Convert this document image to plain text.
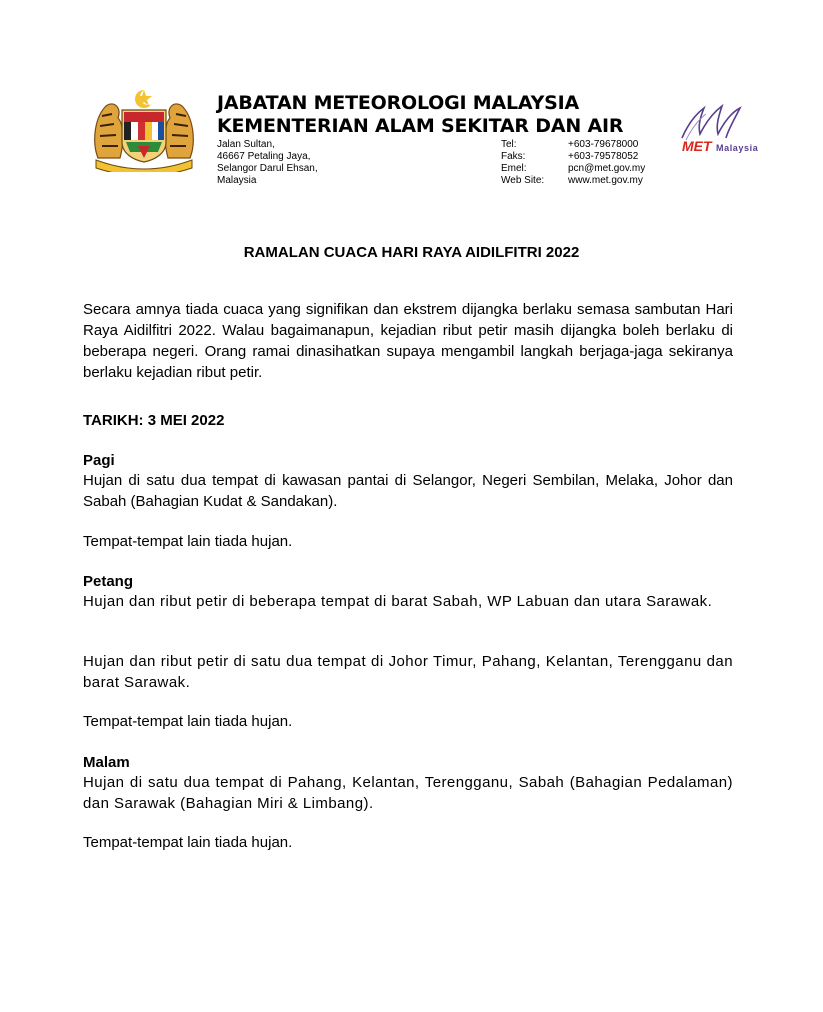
JABATAN METEOROLOGI MALAYSIA
KEMENTERIAN ALAM SEKITAR DAN AIR
Jalan Sultan,
46667 Petaling Jaya,
Selangor Darul Ehsan,
Malaysia
Tel:	+603-79678000
Faks:	+603-79578052
Emel:	pcn@met.gov.my
Web Site:	www.met.gov.my
MET Malaysia
RAMALAN CUACA HARI RAYA AIDILFITRI 2022
Secara amnya tiada cuaca yang signifikan dan ekstrem dijangka berlaku semasa sambutan Hari Raya Aidilfitri 2022. Walau bagaimanapun, kejadian ribut petir masih dijangka boleh berlaku di beberapa negeri. Orang ramai dinasihatkan supaya mengambil langkah berjaga-jaga sekiranya berlaku kejadian ribut petir.
TARIKH: 3 MEI 2022
Pagi
Hujan di satu dua tempat di kawasan pantai di Selangor, Negeri Sembilan, Melaka, Johor dan Sabah (Bahagian Kudat & Sandakan).
Tempat-tempat lain tiada hujan.
Petang
Hujan dan ribut petir di beberapa tempat di barat Sabah, WP Labuan dan utara Sarawak.
Hujan dan ribut petir di satu dua tempat di Johor Timur, Pahang, Kelantan, Terengganu dan barat Sarawak.
Tempat-tempat lain tiada hujan.
Malam
Hujan di satu dua tempat di Pahang, Kelantan, Terengganu, Sabah (Bahagian Pedalaman) dan Sarawak (Bahagian Miri & Limbang).
Tempat-tempat lain tiada hujan.
